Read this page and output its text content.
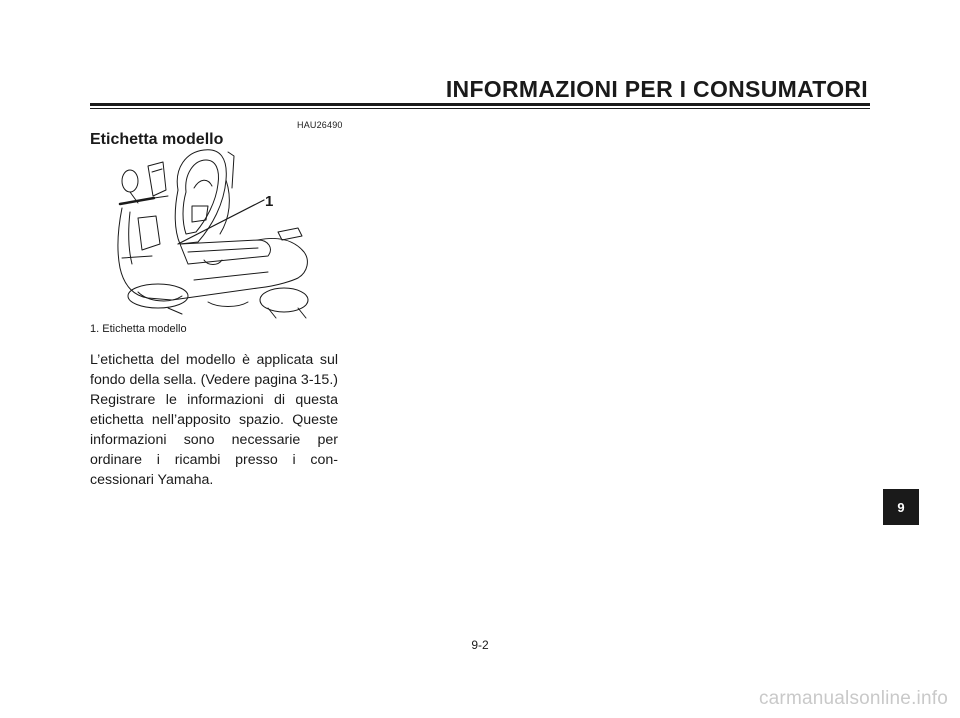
INFORMAZIONI PER I CONSUMATORI
HAU26490
Etichetta modello
1
1. Etichetta modello
L’etichetta del modello è applicata sul fondo della sella. (Vedere pagina 3-15.) Registrare le informazioni di questa etichetta nell’apposito spazio. Queste informazioni sono necessarie per ordinare i ricambi presso i con-cessionari Yamaha.
9
9-2
carmanualsonline.info
